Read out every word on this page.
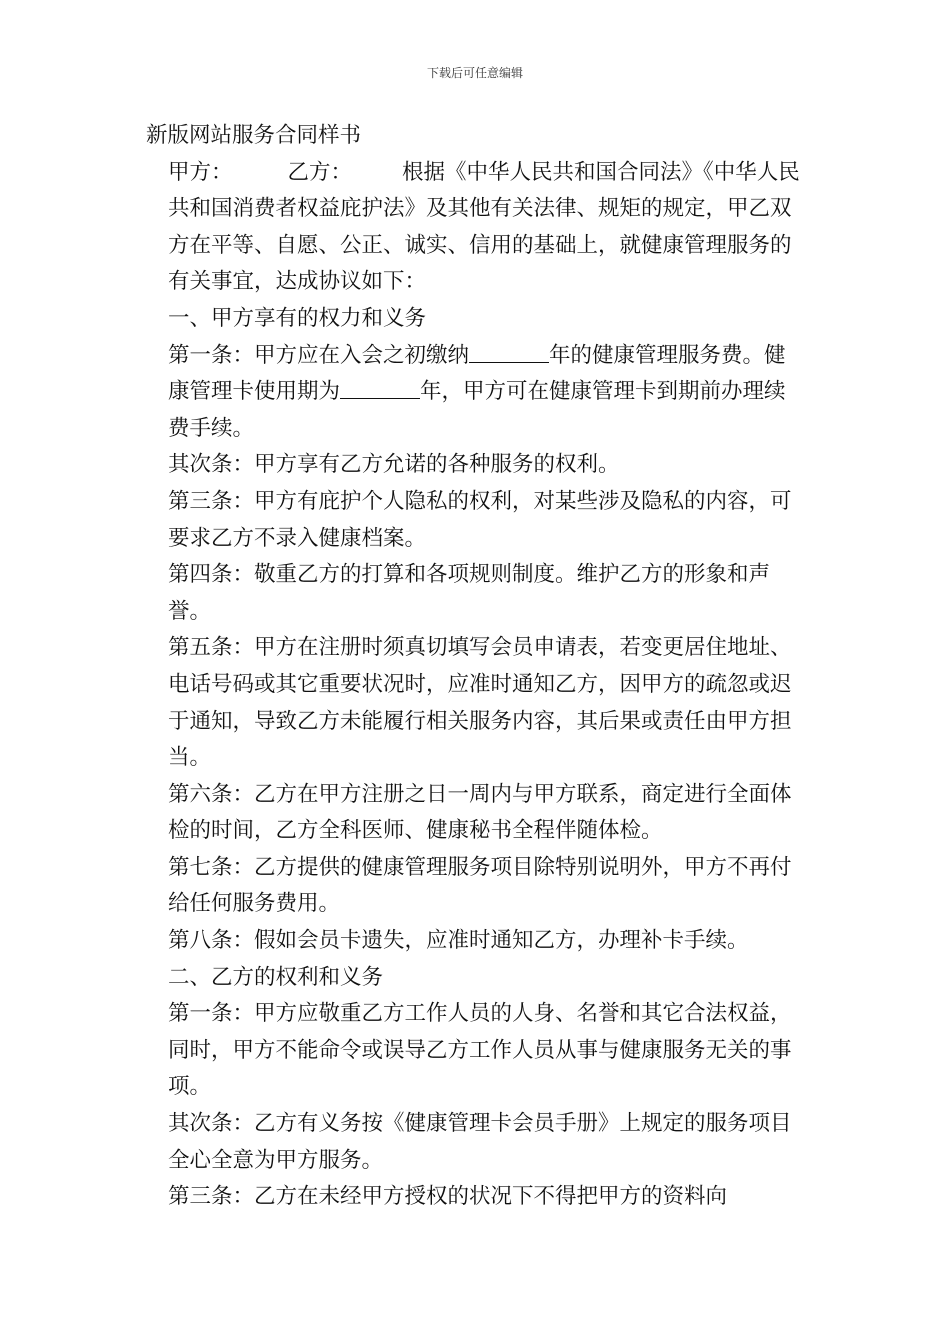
下载后可任意编辑

新版网站服务合同样书

甲方：	乙方： 根据《中华人民共和国合同法》《中华人民共和国消费者权益庇护法》及其他有关法律、规矩的规定，甲乙双方在平等、自愿、公正、诚实、信用的基础上，就健康管理服务的有关事宜，达成协议如下：

一、甲方享有的权力和义务

第一条：甲方应在入会之初缴纳	年的健康管理服务费。健康管理卡使用期为	年，甲方可在健康管理卡到期前办理续费手续。

其次条：甲方享有乙方允诺的各种服务的权利。

第三条：甲方有庇护个人隐私的权利，对某些涉及隐私的内容，可要求乙方不录入健康档案。

第四条：敬重乙方的打算和各项规则制度。维护乙方的形象和声誉。

第五条：甲方在注册时须真切填写会员申请表，若变更居住地址、电话号码或其它重要状况时，应准时通知乙方，因甲方的疏忽或迟于通知，导致乙方未能履行相关服务内容，其后果或责任由甲方担当。

第六条：乙方在甲方注册之日一周内与甲方联系，商定进行全面体检的时间，乙方全科医师、健康秘书全程伴随体检。

第七条：乙方提供的健康管理服务项目除特别说明外，甲方不再付给任何服务费用。

第八条：假如会员卡遗失，应准时通知乙方，办理补卡手续。

二、乙方的权利和义务

第一条：甲方应敬重乙方工作人员的人身、名誉和其它合法权益，同时，甲方不能命令或误导乙方工作人员从事与健康服务无关的事项。

其次条：乙方有义务按《健康管理卡会员手册》上规定的服务项目全心全意为甲方服务。

第三条：乙方在未经甲方授权的状况下不得把甲方的资料向
